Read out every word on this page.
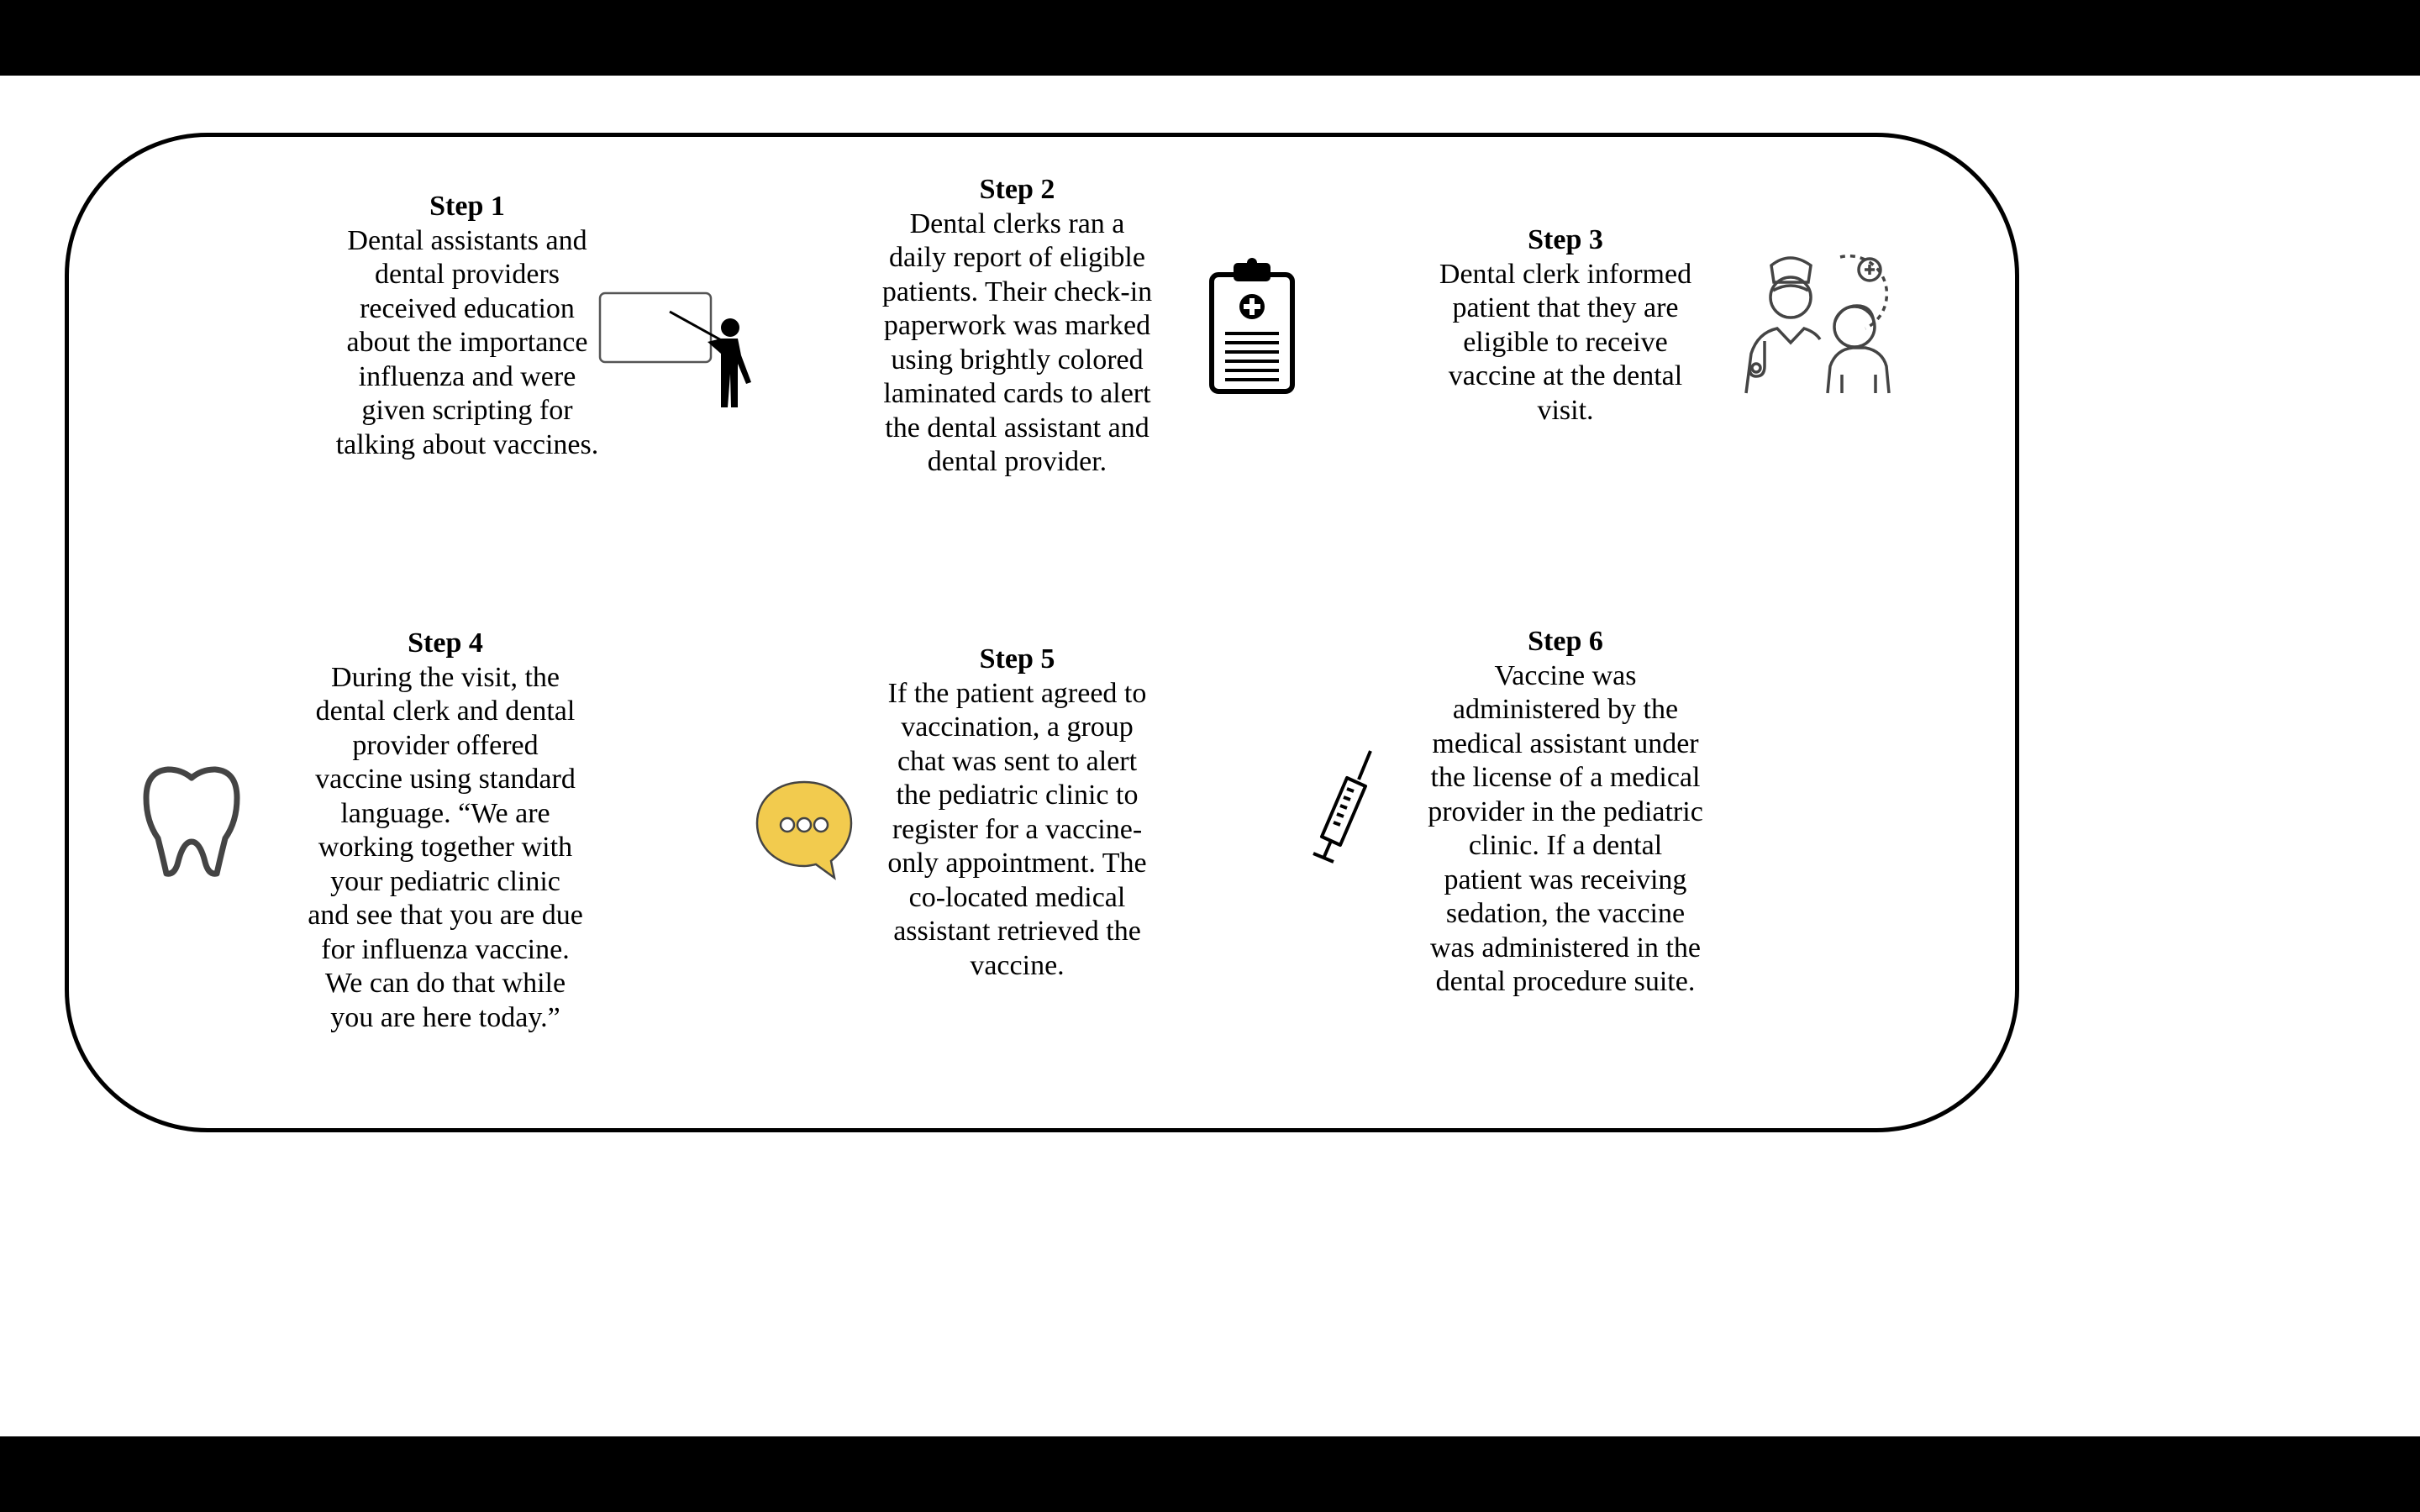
Step 1
Dental assistants and
dental providers
received education
about the importance
influenza and were
given scripting for
talking about vaccines.
Step 2
Dental clerks ran a
daily report of eligible
patients. Their check-in
paperwork was marked
using brightly colored
laminated cards to alert
the dental assistant and
dental provider.
Step 3
Dental clerk informed
patient that they are
eligible to receive
vaccine at the dental
visit.
Step 4
During the visit, the
dental clerk and dental
provider offered
vaccine using standard
language. “We are
working together with
your pediatric clinic
and see that you are due
for influenza vaccine.
We can do that while
you are here today.”
Step 5
If the patient agreed to
vaccination, a group
chat was sent to alert
the pediatric clinic to
register for a vaccine-
only appointment. The
co-located medical
assistant retrieved the
vaccine.
Step 6
Vaccine was
administered by the
medical assistant under
the license of a medical
provider in the pediatric
clinic. If a dental
patient was receiving
sedation, the vaccine
was administered in the
dental procedure suite.
